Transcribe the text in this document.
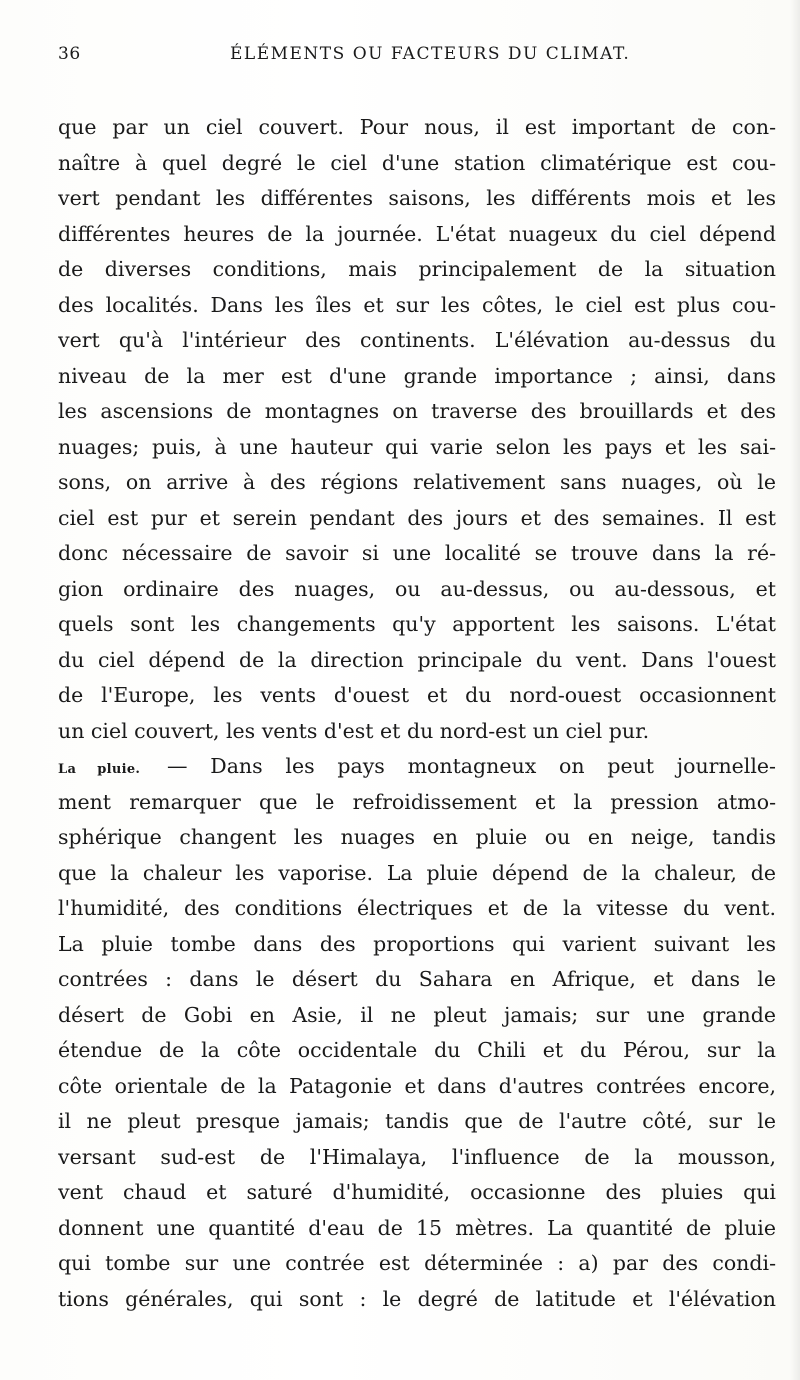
36	ÉLÉMENTS OU FACTEURS DU CLIMAT.
que par un ciel couvert. Pour nous, il est important de con-
naître à quel degré le ciel d'une station climatérique est cou-
vert pendant les différentes saisons, les différents mois et les
différentes heures de la journée. L'état nuageux du ciel dépend
de diverses conditions, mais principalement de la situation
des localités. Dans les îles et sur les côtes, le ciel est plus cou-
vert qu'à l'intérieur des continents. L'élévation au-dessus du
niveau de la mer est d'une grande importance ; ainsi, dans
les ascensions de montagnes on traverse des brouillards et des
nuages; puis, à une hauteur qui varie selon les pays et les sai-
sons, on arrive à des régions relativement sans nuages, où le
ciel est pur et serein pendant des jours et des semaines. Il est
donc nécessaire de savoir si une localité se trouve dans la ré-
gion ordinaire des nuages, ou au-dessus, ou au-dessous, et
quels sont les changements qu'y apportent les saisons. L'état
du ciel dépend de la direction principale du vent. Dans l'ouest
de l'Europe, les vents d'ouest et du nord-ouest occasionnent
un ciel couvert, les vents d'est et du nord-est un ciel pur.
La pluie. — Dans les pays montagneux on peut journelle-
ment remarquer que le refroidissement et la pression atmo-
sphérique changent les nuages en pluie ou en neige, tandis
que la chaleur les vaporise. La pluie dépend de la chaleur, de
l'humidité, des conditions électriques et de la vitesse du vent.
La pluie tombe dans des proportions qui varient suivant les
contrées : dans le désert du Sahara en Afrique, et dans le
désert de Gobi en Asie, il ne pleut jamais; sur une grande
étendue de la côte occidentale du Chili et du Pérou, sur la
côte orientale de la Patagonie et dans d'autres contrées encore,
il ne pleut presque jamais; tandis que de l'autre côté, sur le
versant sud-est de l'Himalaya, l'influence de la mousson,
vent chaud et saturé d'humidité, occasionne des pluies qui
donnent une quantité d'eau de 15 mètres. La quantité de pluie
qui tombe sur une contrée est déterminée : a) par des condi-
tions générales, qui sont : le degré de latitude et l'élévation
